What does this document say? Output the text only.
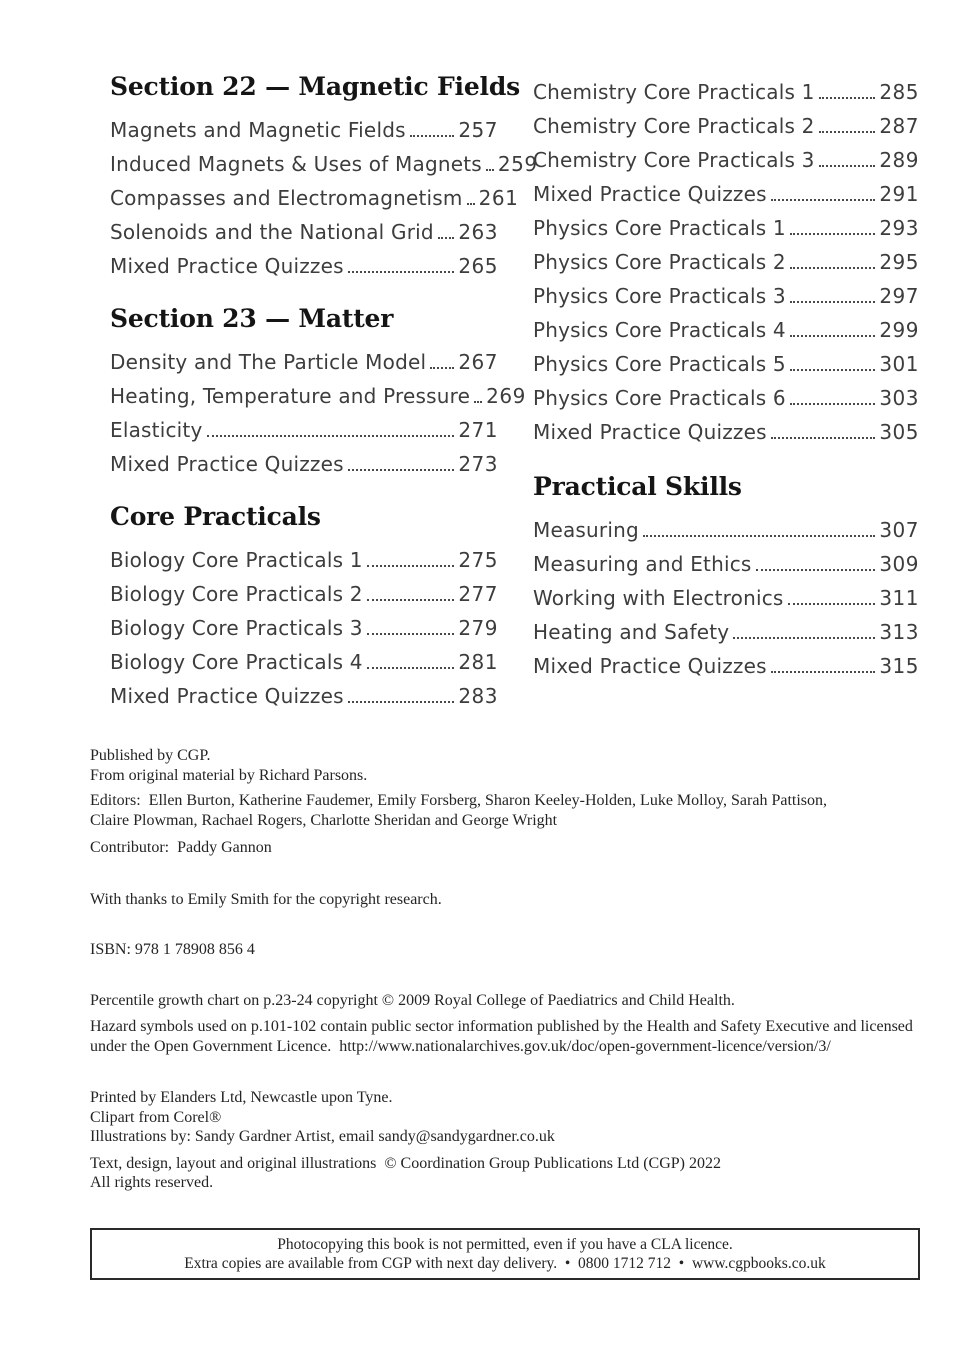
Section 22 — Magnetic Fields
Magnets and Magnetic Fields	257
Induced Magnets & Uses of Magnets 259
Compasses and Electromagnetism 261
Solenoids and the National Grid 263
Mixed Practice Quizzes	265
Section 23 — Matter
Density and The Particle Model 267
Heating, Temperature and Pressure 269
Elasticity	271
Mixed Practice Quizzes	273
Core Practicals
Biology Core Practicals 1	275
Biology Core Practicals 2	277
Biology Core Practicals 3	279
Biology Core Practicals 4	281
Mixed Practice Quizzes	283
Chemistry Core Practicals 1	285
Chemistry Core Practicals 2	287
Chemistry Core Practicals 3	289
Mixed Practice Quizzes	291
Physics Core Practicals 1	293
Physics Core Practicals 2	295
Physics Core Practicals 3	297
Physics Core Practicals 4	299
Physics Core Practicals 5	301
Physics Core Practicals 6	303
Mixed Practice Quizzes	305
Practical Skills
Measuring	307
Measuring and Ethics	309
Working with Electronics	311
Heating and Safety	313
Mixed Practice Quizzes	315
Published by CGP.
From original material by Richard Parsons.
Editors:  Ellen Burton, Katherine Faudemer, Emily Forsberg, Sharon Keeley-Holden, Luke Molloy, Sarah Pattison,
Claire Plowman, Rachael Rogers, Charlotte Sheridan and George Wright
Contributor:  Paddy Gannon
With thanks to Emily Smith for the copyright research.
ISBN: 978 1 78908 856 4
Percentile growth chart on p.23-24 copyright © 2009 Royal College of Paediatrics and Child Health.
Hazard symbols used on p.101-102 contain public sector information published by the Health and Safety Executive and licensed
under the Open Government Licence.  http://www.nationalarchives.gov.uk/doc/open-government-licence/version/3/
Printed by Elanders Ltd, Newcastle upon Tyne.
Clipart from Corel®
Illustrations by: Sandy Gardner Artist, email sandy@sandygardner.co.uk
Text, design, layout and original illustrations  © Coordination Group Publications Ltd (CGP) 2022
All rights reserved.
Photocopying this book is not permitted, even if you have a CLA licence.
Extra copies are available from CGP with next day delivery.  •  0800 1712 712  •  www.cgpbooks.co.uk
